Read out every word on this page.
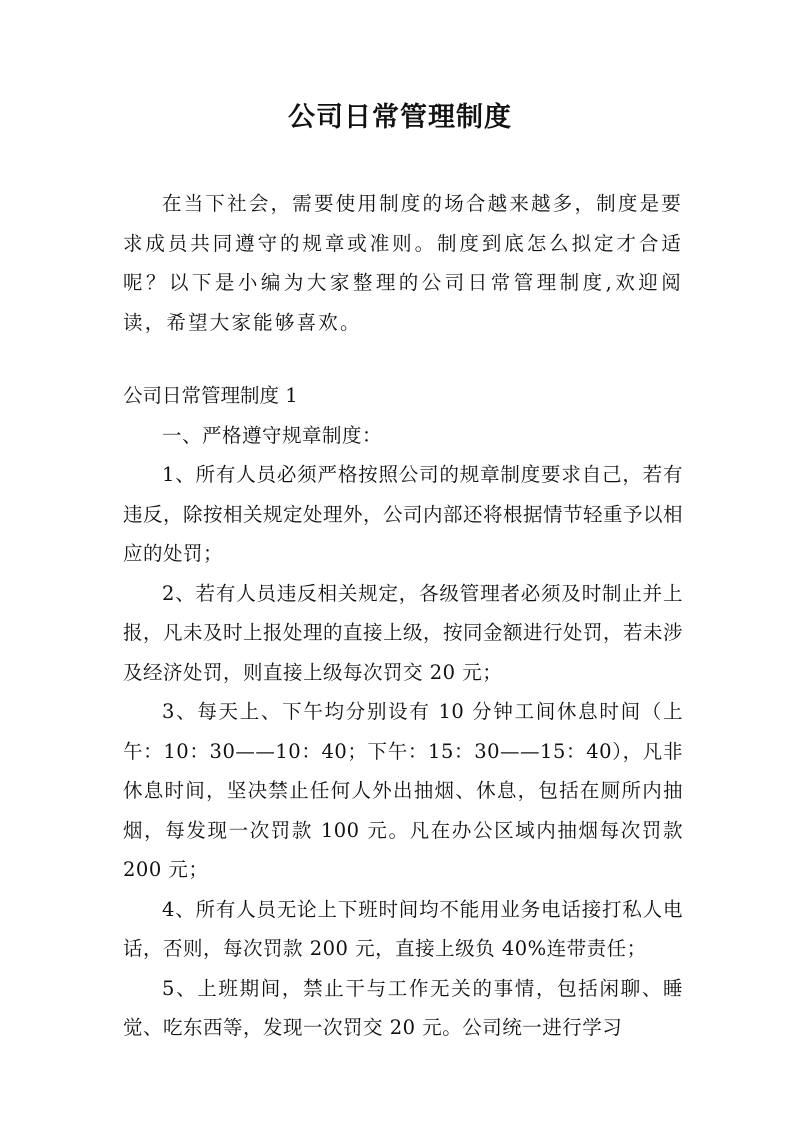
公司日常管理制度

在当下社会，需要使用制度的场合越来越多，制度是要求成员共同遵守的规章或准则。制度到底怎么拟定才合适呢？以下是小编为大家整理的公司日常管理制度,欢迎阅读，希望大家能够喜欢。

公司日常管理制度 1

一、严格遵守规章制度：

1、所有人员必须严格按照公司的规章制度要求自己，若有违反，除按相关规定处理外，公司内部还将根据情节轻重予以相应的处罚；

2、若有人员违反相关规定，各级管理者必须及时制止并上报，凡未及时上报处理的直接上级，按同金额进行处罚，若未涉及经济处罚，则直接上级每次罚交 20 元；

3、每天上、下午均分别设有 10 分钟工间休息时间（上午：10：30——10：40；下午：15：30——15：40），凡非休息时间，坚决禁止任何人外出抽烟、休息，包括在厕所内抽烟，每发现一次罚款 100 元。凡在办公区域内抽烟每次罚款 200 元；

4、所有人员无论上下班时间均不能用业务电话接打私人电话，否则，每次罚款 200 元，直接上级负 40%连带责任；

5、上班期间，禁止干与工作无关的事情，包括闲聊、睡觉、吃东西等，发现一次罚交 20 元。公司统一进行学习
